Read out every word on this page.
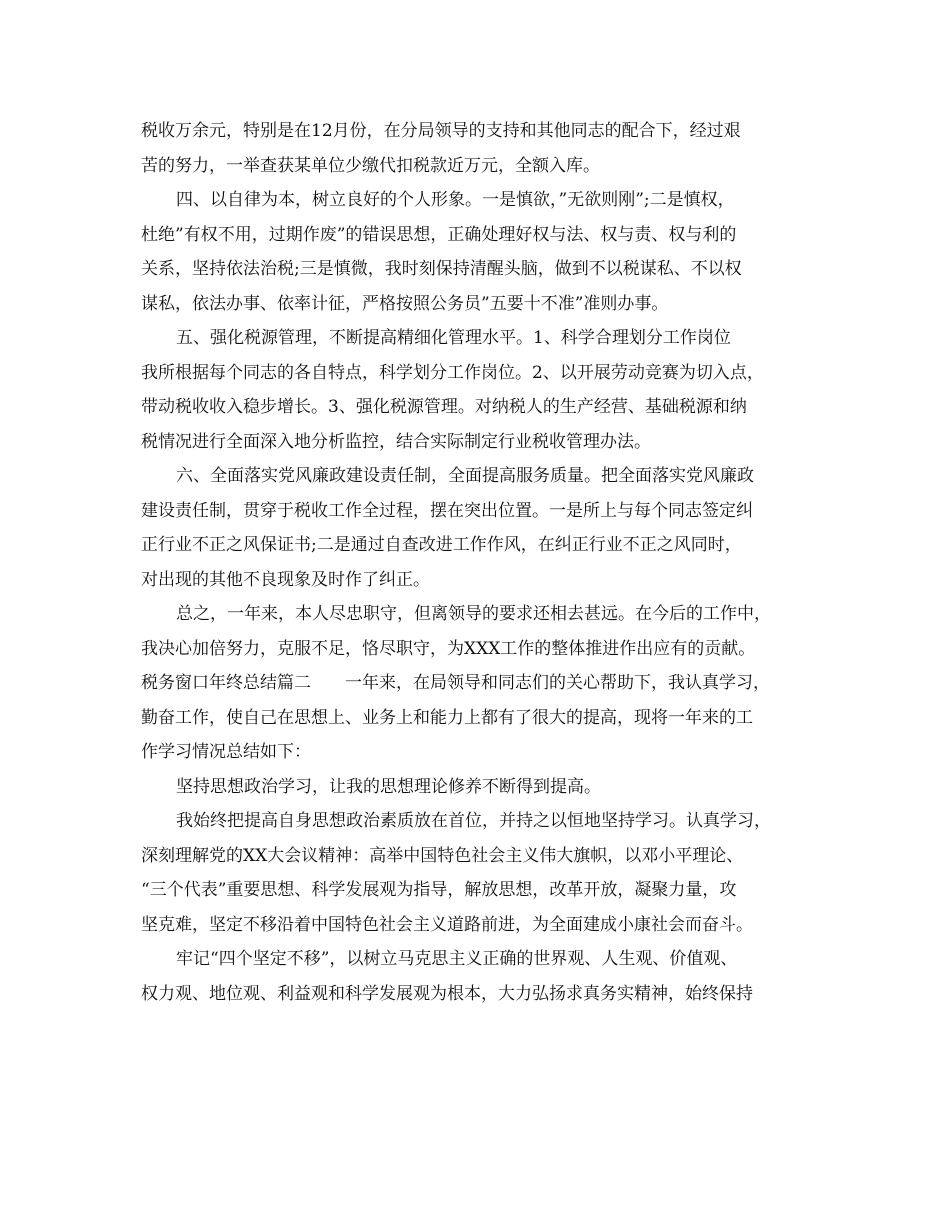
税收万余元，特别是在12月份，在分局领导的支持和其他同志的配合下，经过艰
苦的努力，一举查获某单位少缴代扣税款近万元，全额入库。
四、以自律为本，树立良好的个人形象。一是慎欲，”无欲则刚”;二是慎权，
杜绝”有权不用，过期作废”的错误思想，正确处理好权与法、权与责、权与利的
关系，坚持依法治税;三是慎微，我时刻保持清醒头脑，做到不以税谋私、不以权
谋私，依法办事、依率计征，严格按照公务员”五要十不准”准则办事。
五、强化税源管理，不断提高精细化管理水平。1、科学合理划分工作岗位
我所根据每个同志的各自特点，科学划分工作岗位。2、以开展劳动竞赛为切入点，
带动税收收入稳步增长。3、强化税源管理。对纳税人的生产经营、基础税源和纳
税情况进行全面深入地分析监控，结合实际制定行业税收管理办法。
六、全面落实党风廉政建设责任制，全面提高服务质量。把全面落实党风廉政
建设责任制，贯穿于税收工作全过程，摆在突出位置。一是所上与每个同志签定纠
正行业不正之风保证书;二是通过自查改进工作作风，在纠正行业不正之风同时，
对出现的其他不良现象及时作了纠正。
总之，一年来，本人尽忠职守，但离领导的要求还相去甚远。在今后的工作中，
我决心加倍努力，克服不足，恪尽职守，为XXX工作的整体推进作出应有的贡献。
税务窗口年终总结篇二　　一年来，在局领导和同志们的关心帮助下，我认真学习，
勤奋工作，使自己在思想上、业务上和能力上都有了很大的提高，现将一年来的工
作学习情况总结如下：
坚持思想政治学习，让我的思想理论修养不断得到提高。
我始终把提高自身思想政治素质放在首位，并持之以恒地坚持学习。认真学习，
深刻理解党的XX大会议精神：高举中国特色社会主义伟大旗帜，以邓小平理论、
“三个代表”重要思想、科学发展观为指导，解放思想，改革开放，凝聚力量，攻
坚克难，坚定不移沿着中国特色社会主义道路前进，为全面建成小康社会而奋斗。
牢记“四个坚定不移”，以树立马克思主义正确的世界观、人生观、价值观、
权力观、地位观、利益观和科学发展观为根本，大力弘扬求真务实精神，始终保持
